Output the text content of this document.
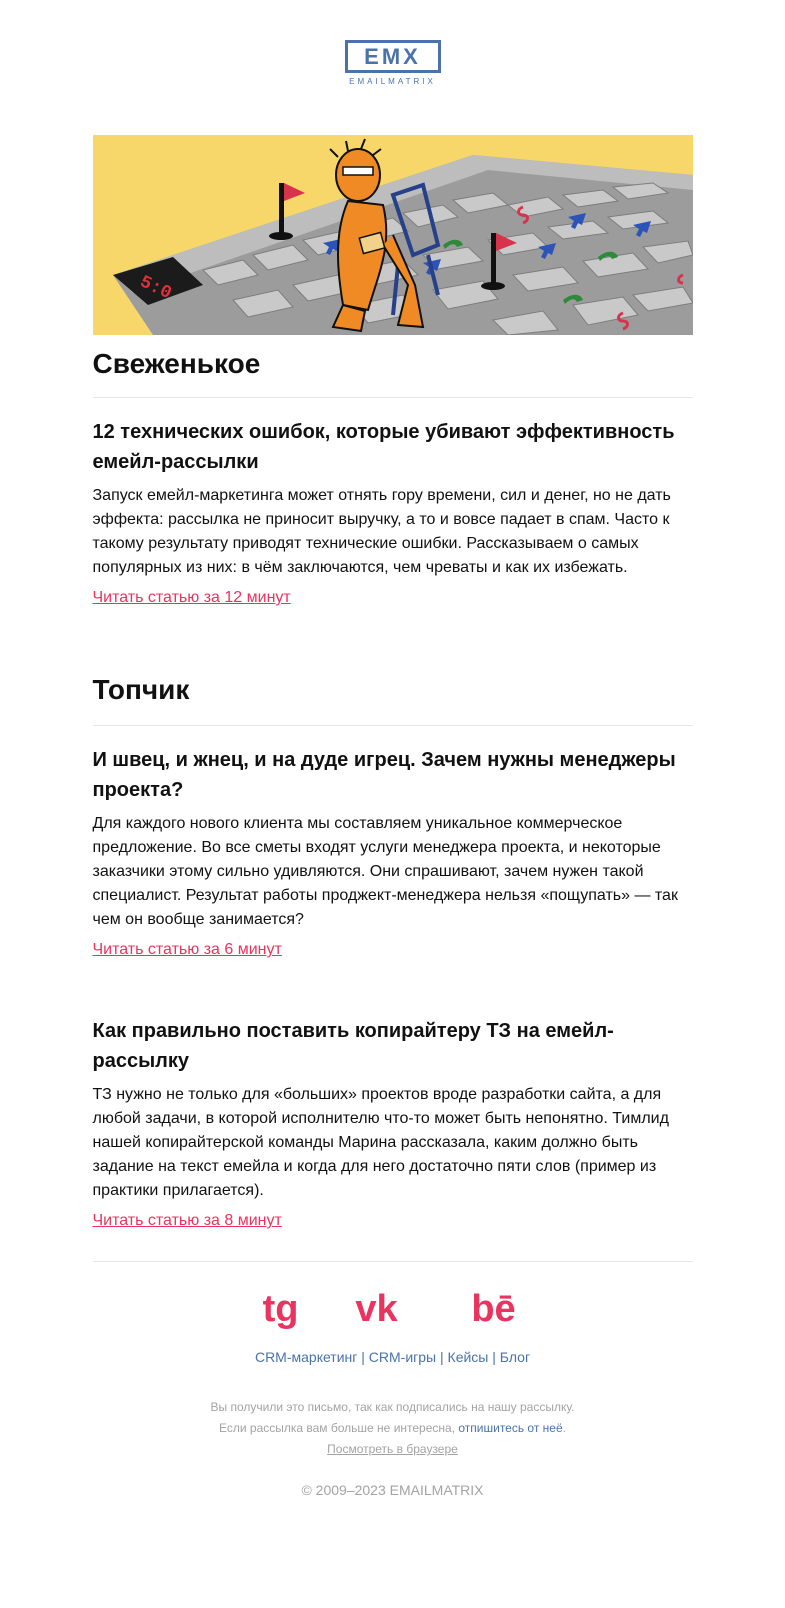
EMX
EMAILMATRIX
5:0
Свеженькое
12 технических ошибок, которые убивают эффективность емейл-рассылки

Запуск емейл-маркетинга может отнять гору времени, сил и денег, но не дать эффекта: рассылка не приносит выручку, а то и вовсе падает в спам. Часто к такому результату приводят технические ошибки. Рассказываем о самых популярных из них: в чём заключаются, чем чреваты и как их избежать.

Читать статью за 12 минут
Топчик
И швец, и жнец, и на дуде игрец. Зачем нужны менеджеры проекта?

Для каждого нового клиента мы составляем уникальное коммерческое предложение. Во все сметы входят услуги менеджера проекта, и некоторые заказчики этому сильно удивляются. Они спрашивают, зачем нужен такой специалист. Результат работы проджект-менеджера нельзя «пощупать» — так чем он вообще занимается?

Читать статью за 6 минут
Как правильно поставить копирайтеру ТЗ на емейл-рассылку

ТЗ нужно не только для «больших» проектов вроде разработки сайта, а для любой задачи, в которой исполнителю что-то может быть непонятно. Тимлид нашей копирайтерской команды Марина рассказала, каким должно быть задание на текст емейла и когда для него достаточно пяти слов (пример из практики прилагается).

Читать статью за 8 минут
tg	vk	bē
CRM-маркетинг | CRM-игры | Кейсы | Блог
Вы получили это письмо, так как подписались на нашу рассылку.
Если рассылка вам больше не интересна, отпишитесь от неё.
Посмотреть в браузере
© 2009–2023 EMAILMATRIX
